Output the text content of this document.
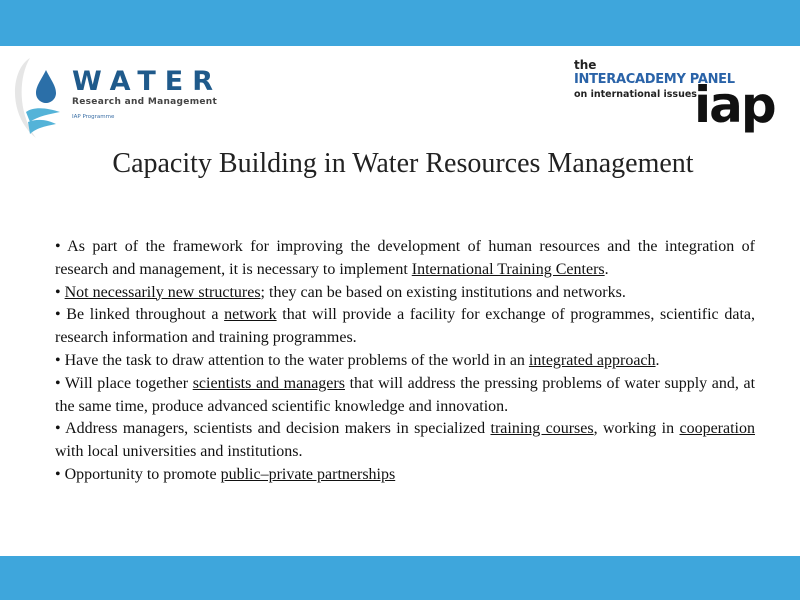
WATER
Research and Management
IAP Programme
the
INTERACADEMY PANEL
on international issues
iap
Capacity Building in Water Resources Management

• As part of the framework for improving the development of human resources and the integration of research and management, it is necessary to implement International Training Centers.

• Not necessarily new structures; they can be based on existing institutions and networks.

• Be linked throughout a network that will provide a facility for exchange of programmes, scientific data, research information and training programmes.

• Have the task to draw attention to the water problems of the world in an integrated approach.

• Will place together scientists and managers that will address the pressing problems of water supply and, at the same time, produce advanced scientific knowledge and innovation.

• Address managers, scientists and decision makers in specialized training courses, working in cooperation with local universities and institutions.

• Opportunity to promote public–private partnerships
